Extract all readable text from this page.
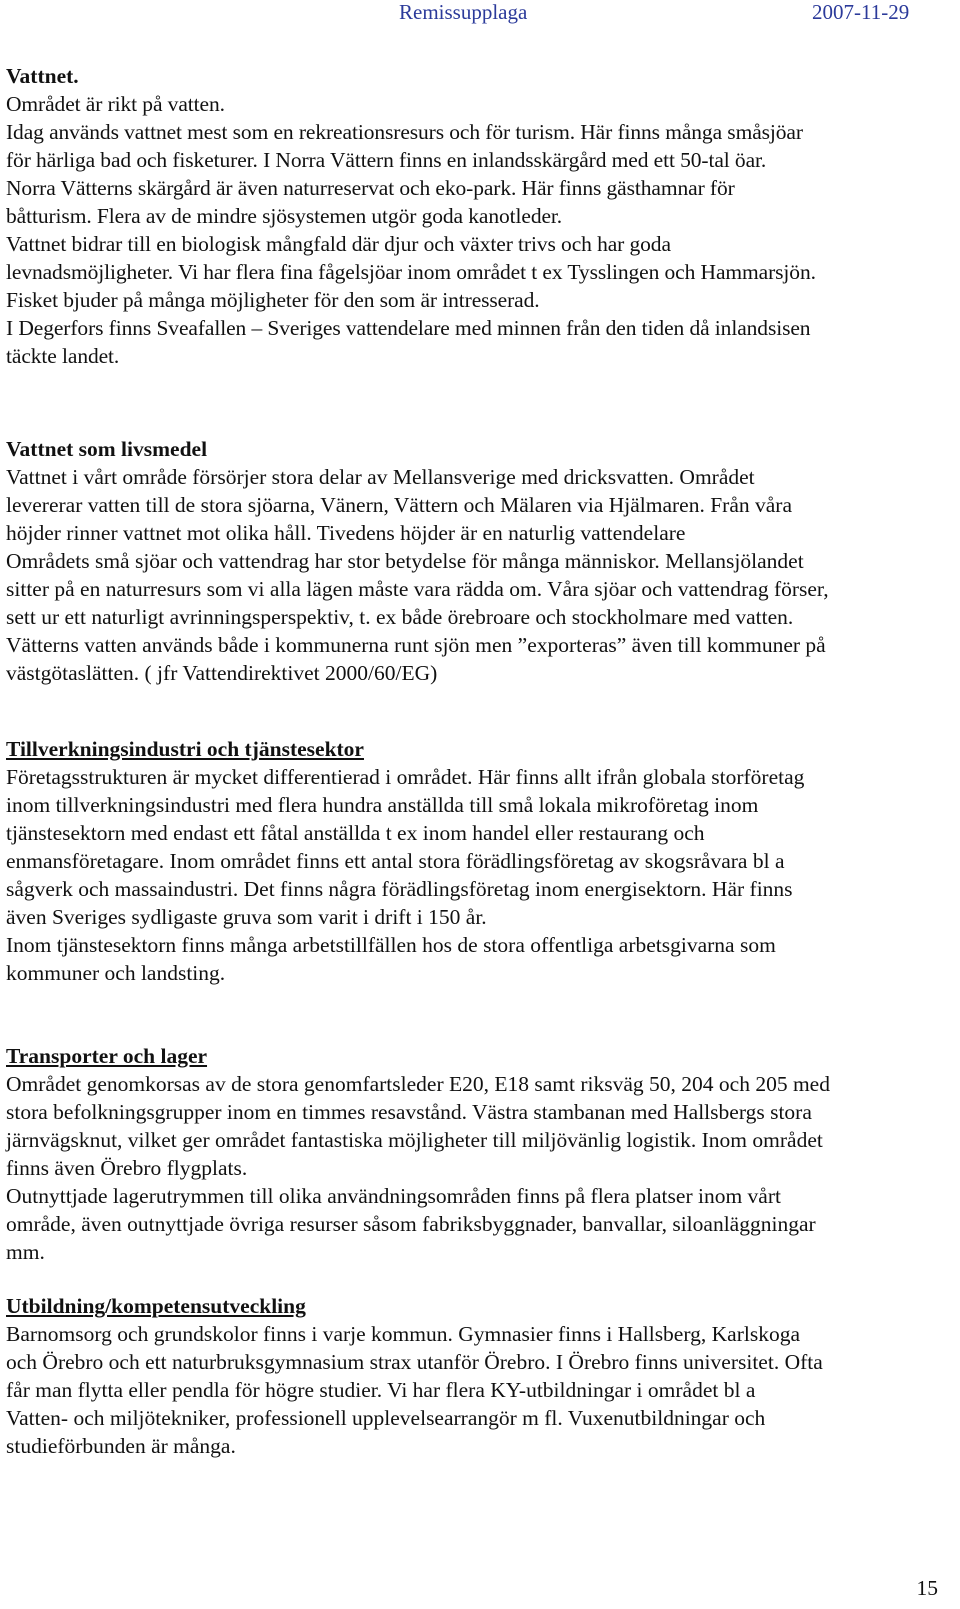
Remissupplaga	2007-11-29
Vattnet.
Området är rikt på vatten.
Idag används vattnet mest som en rekreationsresurs och för turism. Här finns många småsjöar
för härliga bad och fisketurer. I Norra Vättern finns en inlandsskärgård med ett 50-tal öar.
Norra Vätterns skärgård är även naturreservat och eko-park. Här finns gästhamnar för
båtturism. Flera av de mindre sjösystemen utgör goda kanotleder.
Vattnet bidrar till en biologisk mångfald där djur och växter trivs och har goda
levnadsmöjligheter. Vi har flera fina fågelsjöar inom området t ex Tysslingen och Hammarsjön.
Fisket bjuder på många möjligheter för den som är intresserad.
I Degerfors finns Sveafallen – Sveriges vattendelare med minnen från den tiden då inlandsisen
täckte landet.
Vattnet som livsmedel
Vattnet i vårt område försörjer stora delar av Mellansverige med dricksvatten. Området
levererar vatten till de stora sjöarna, Vänern, Vättern och Mälaren via Hjälmaren. Från våra
höjder rinner vattnet mot olika håll. Tivedens höjder är en naturlig vattendelare
Områdets små sjöar och vattendrag har stor betydelse för många människor. Mellansjölandet
sitter på en naturresurs som vi alla lägen måste vara rädda om. Våra sjöar och vattendrag förser,
sett ur ett naturligt avrinningsperspektiv, t. ex både örebroare och stockholmare med vatten.
Vätterns vatten används både i kommunerna runt sjön men ”exporteras” även till kommuner på
västgötaslätten. ( jfr Vattendirektivet 2000/60/EG)
Tillverkningsindustri och tjänstesektor
Företagsstrukturen är mycket differentierad i området. Här finns allt ifrån globala storföretag
inom tillverkningsindustri med flera hundra anställda till små lokala mikroföretag inom
tjänstesektorn med endast ett fåtal anställda t ex inom handel eller restaurang och
enmansföretagare. Inom området finns ett antal stora förädlingsföretag av skogsråvara bl a
sågverk och massaindustri. Det finns några förädlingsföretag inom energisektorn. Här finns
även Sveriges sydligaste gruva som varit i drift i 150 år.
Inom tjänstesektorn finns många arbetstillfällen hos de stora offentliga arbetsgivarna som
kommuner och landsting.
Transporter och lager
Området genomkorsas av de stora genomfartsleder E20, E18 samt riksväg 50, 204 och 205 med
stora befolkningsgrupper inom en timmes resavstånd. Västra stambanan med Hallsbergs stora
järnvägsknut, vilket ger området fantastiska möjligheter till miljövänlig logistik. Inom området
finns även Örebro flygplats.
Outnyttjade lagerutrymmen till olika användningsområden finns på flera platser inom vårt
område, även outnyttjade övriga resurser såsom fabriksbyggnader, banvallar, siloanläggningar
mm.
Utbildning/kompetensutveckling
Barnomsorg och grundskolor finns i varje kommun. Gymnasier finns i Hallsberg, Karlskoga
och Örebro och ett naturbruksgymnasium strax utanför Örebro. I Örebro finns universitet. Ofta
får man flytta eller pendla för högre studier. Vi har flera KY-utbildningar i området bl a
Vatten- och miljötekniker, professionell upplevelsearrangör m fl. Vuxenutbildningar och
studieförbunden är många.
15
